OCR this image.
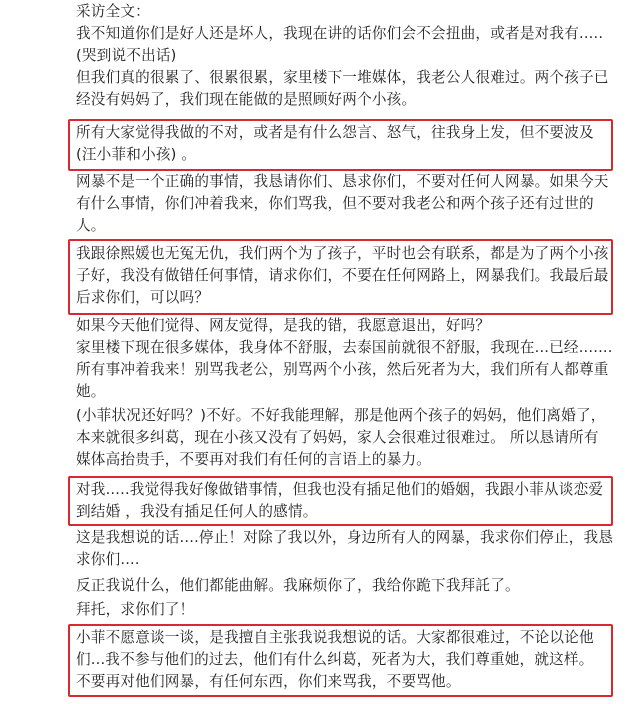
采访全文：
我不知道你们是好人还是坏人，我现在讲的话你们会不会扭曲，或者是对我有.....
(哭到说不出话)
但我们真的很累了、很累很累，家里楼下一堆媒体，我老公人很难过。两个孩子已
经没有妈妈了，我们现在能做的是照顾好两个小孩。
所有大家觉得我做的不对，或者是有什么怨言、怒气，往我身上发，但不要波及
(汪小菲和小孩) 。
网暴不是一个正确的事情，我恳请你们、恳求你们，不要对任何人网暴。如果今天
有什么事情，你们冲着我来，你们骂我，但不要对我老公和两个孩子还有过世的
人。
我跟徐熙媛也无冤无仇，我们两个为了孩子，平时也会有联系，都是为了两个小孩
子好，我没有做错任何事情，请求你们，不要在任何网路上，网暴我们。我最后最
后求你们，可以吗？
如果今天他们觉得、网友觉得，是我的错，我愿意退出，好吗？
家里楼下现在很多媒体，我身体不舒服，去泰国前就很不舒服，我现在...已经.......
所有事冲着我来！别骂我老公，别骂两个小孩，然后死者为大，我们所有人都尊重
她。
(小菲状况还好吗？)不好。不好我能理解，那是他两个孩子的妈妈，他们离婚了，
本来就很多纠葛，现在小孩又没有了妈妈，家人会很难过很难过。 所以恳请所有
媒体高抬贵手，不要再对我们有任何的言语上的暴力。
对我.....我觉得我好像做错事情，但我也没有插足他们的婚姻，我跟小菲从谈恋爱
到结婚 ，我没有插足任何人的感情。
这是我想说的话....停止！对除了我以外，身边所有人的网暴，我求你们停止，我恳
求你们....
反正我说什么，他们都能曲解。我麻烦你了，我给你跪下我拜託了。
拜托，求你们了！
小菲不愿意谈一谈，是我擅自主张我说我想说的话。大家都很难过，不论以论他
们...我不参与他们的过去，他们有什么纠葛，死者为大，我们尊重她，就这样。
不要再对他们网暴，有任何东西，你们来骂我，不要骂他。
